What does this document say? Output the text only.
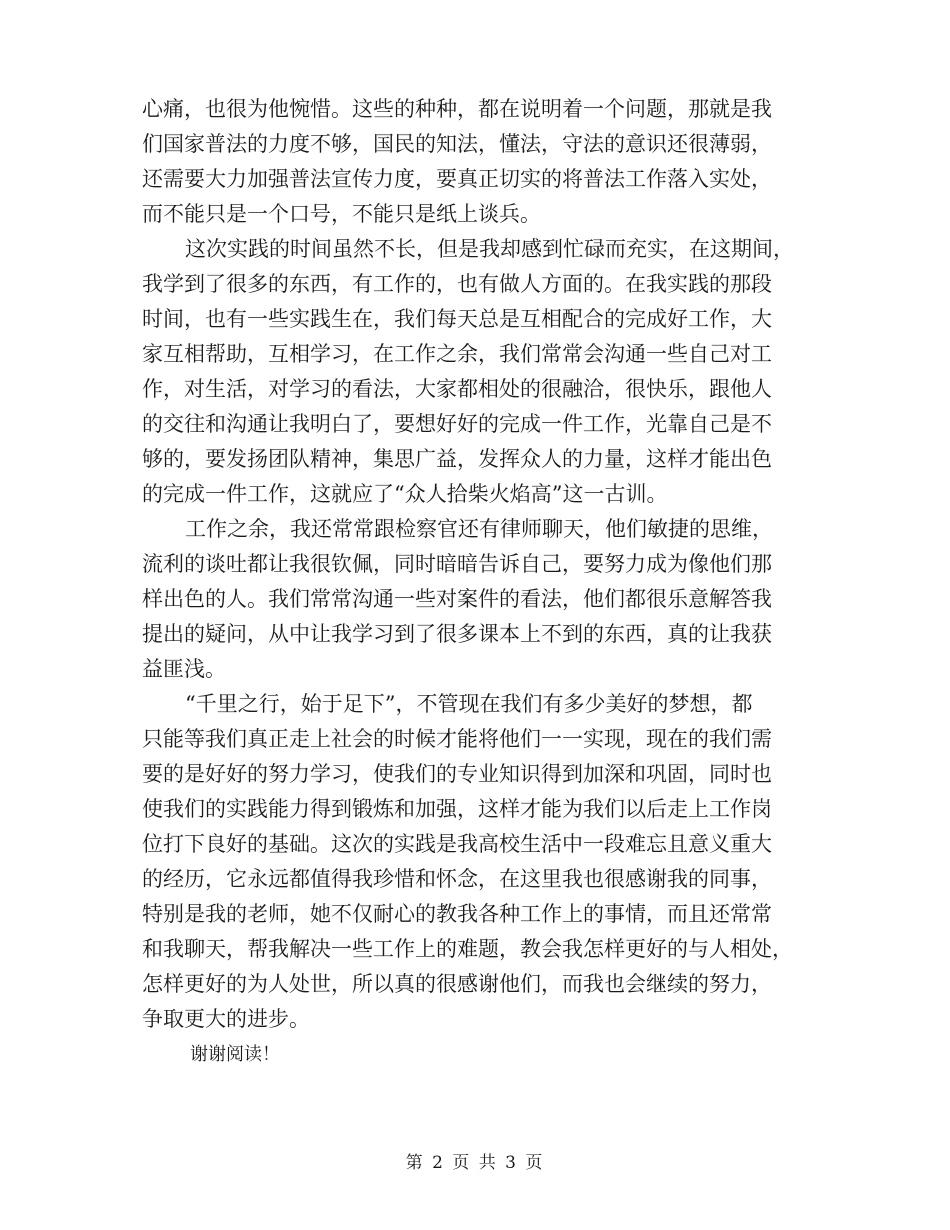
心痛，也很为他惋惜。这些的种种，都在说明着一个问题，那就是我
们国家普法的力度不够，国民的知法，懂法，守法的意识还很薄弱，
还需要大力加强普法宣传力度，要真正切实的将普法工作落入实处，
而不能只是一个口号，不能只是纸上谈兵。
这次实践的时间虽然不长，但是我却感到忙碌而充实，在这期间，
我学到了很多的东西，有工作的，也有做人方面的。在我实践的那段
时间，也有一些实践生在，我们每天总是互相配合的完成好工作，大
家互相帮助，互相学习，在工作之余，我们常常会沟通一些自己对工
作，对生活，对学习的看法，大家都相处的很融洽，很快乐，跟他人
的交往和沟通让我明白了，要想好好的完成一件工作，光靠自己是不
够的，要发扬团队精神，集思广益，发挥众人的力量，这样才能出色
的完成一件工作，这就应了“众人拾柴火焰高”这一古训。
工作之余，我还常常跟检察官还有律师聊天，他们敏捷的思维，
流利的谈吐都让我很钦佩，同时暗暗告诉自己，要努力成为像他们那
样出色的人。我们常常沟通一些对案件的看法，他们都很乐意解答我
提出的疑问，从中让我学习到了很多课本上不到的东西，真的让我获
益匪浅。
“千里之行，始于足下”，不管现在我们有多少美好的梦想，都
只能等我们真正走上社会的时候才能将他们一一实现，现在的我们需
要的是好好的努力学习，使我们的专业知识得到加深和巩固，同时也
使我们的实践能力得到锻炼和加强，这样才能为我们以后走上工作岗
位打下良好的基础。这次的实践是我高校生活中一段难忘且意义重大
的经历，它永远都值得我珍惜和怀念，在这里我也很感谢我的同事，
特别是我的老师，她不仅耐心的教我各种工作上的事情，而且还常常
和我聊天，帮我解决一些工作上的难题，教会我怎样更好的与人相处，
怎样更好的为人处世，所以真的很感谢他们，而我也会继续的努力，
争取更大的进步。
谢谢阅读！
第 2 页 共 3 页
